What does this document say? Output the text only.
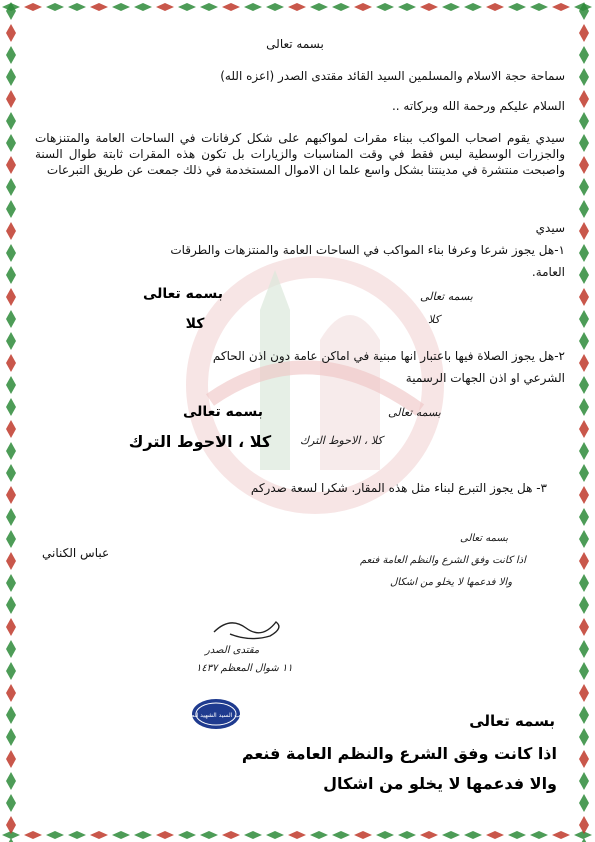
بسمه تعالى
سماحة حجة الاسلام والمسلمين السيد القائد مقتدى الصدر (اعزه الله)
السلام عليكم ورحمة الله وبركاته ..
سيدي يقوم اصحاب المواكب ببناء مقرات لمواكبهم على شكل كرفانات في الساحات العامة والمتنزهات والجزرات الوسطية ليس فقط في وقت المناسبات والزيارات بل تكون هذه المقرات ثابتة طوال السنة واصبحت منتشرة في مدينتنا بشكل واسع علما ان الاموال المستخدمة في ذلك جمعت عن طريق التبرعات
سيدي
١-هل يجوز شرعا وعرفا بناء المواكب في الساحات العامة والمنتزهات والطرقات
العامة.
بسمه تعالى
كلا
بسمه تعالى
كلا
٢-هل يجوز الصلاة فيها باعتبار انها مبنية في اماكن عامة دون اذن الحاكم
الشرعي او اذن الجهات الرسمية
بسمه تعالى
كلا ، الاحوط الترك
بسمه تعالى
كلا ، الاحوط الترك
٣- هل يجوز التبرع لبناء مثل هذه المقار. شكرا لسعة صدركم
عباس الكناني
بسمه تعالى
اذا كانت وفق الشرع والنظم العامة فنعم
والا فدعمها لا يخلو من اشكال
مقتدى الصدر
١١ شوال المعظم ١٤٣٧
مكتب السيد الشهيد الصدر	بسمه تعالى
اذا كانت وفق الشرع والنظم العامة فنعم
والا فدعمها لا يخلو من اشكال
